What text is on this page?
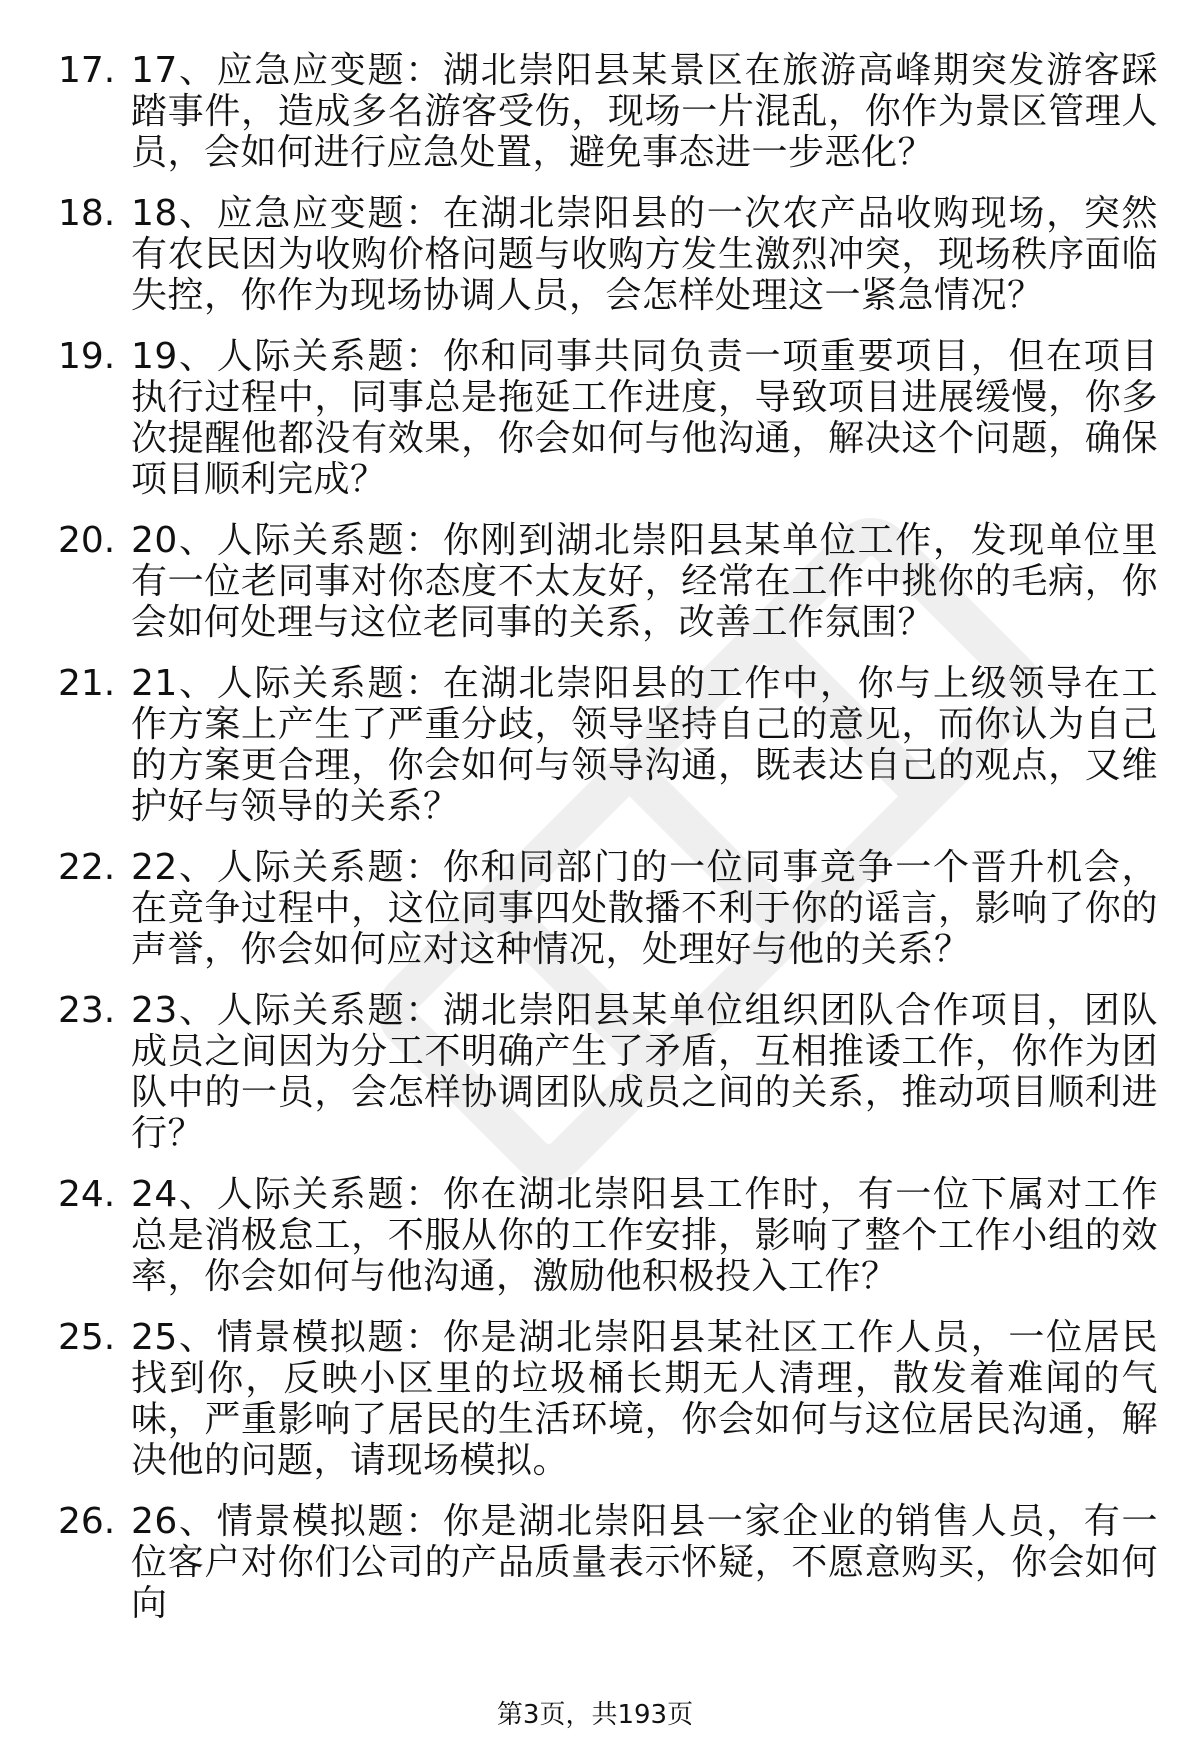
17. 17、应急应变题：湖北崇阳县某景区在旅游高峰期突发游客踩踏事件，造成多名游客受伤，现场一片混乱，你作为景区管理人员，会如何进行应急处置，避免事态进一步恶化？
18. 18、应急应变题：在湖北崇阳县的一次农产品收购现场，突然有农民因为收购价格问题与收购方发生激烈冲突，现场秩序面临失控，你作为现场协调人员，会怎样处理这一紧急情况？
19. 19、人际关系题：你和同事共同负责一项重要项目，但在项目执行过程中，同事总是拖延工作进度，导致项目进展缓慢，你多次提醒他都没有效果，你会如何与他沟通，解决这个问题，确保项目顺利完成？
20. 20、人际关系题：你刚到湖北崇阳县某单位工作，发现单位里有一位老同事对你态度不太友好，经常在工作中挑你的毛病，你会如何处理与这位老同事的关系，改善工作氛围？
21. 21、人际关系题：在湖北崇阳县的工作中，你与上级领导在工作方案上产生了严重分歧，领导坚持自己的意见，而你认为自己的方案更合理，你会如何与领导沟通，既表达自己的观点，又维护好与领导的关系？
22. 22、人际关系题：你和同部门的一位同事竞争一个晋升机会，在竞争过程中，这位同事四处散播不利于你的谣言，影响了你的声誉，你会如何应对这种情况，处理好与他的关系？
23. 23、人际关系题：湖北崇阳县某单位组织团队合作项目，团队成员之间因为分工不明确产生了矛盾，互相推诿工作，你作为团队中的一员，会怎样协调团队成员之间的关系，推动项目顺利进行？
24. 24、人际关系题：你在湖北崇阳县工作时，有一位下属对工作总是消极怠工，不服从你的工作安排，影响了整个工作小组的效率，你会如何与他沟通，激励他积极投入工作？
25. 25、情景模拟题：你是湖北崇阳县某社区工作人员，一位居民找到你，反映小区里的垃圾桶长期无人清理，散发着难闻的气味，严重影响了居民的生活环境，你会如何与这位居民沟通，解决他的问题，请现场模拟。
26. 26、情景模拟题：你是湖北崇阳县一家企业的销售人员，有一位客户对你们公司的产品质量表示怀疑，不愿意购买，你会如何向
第3页，共193页
